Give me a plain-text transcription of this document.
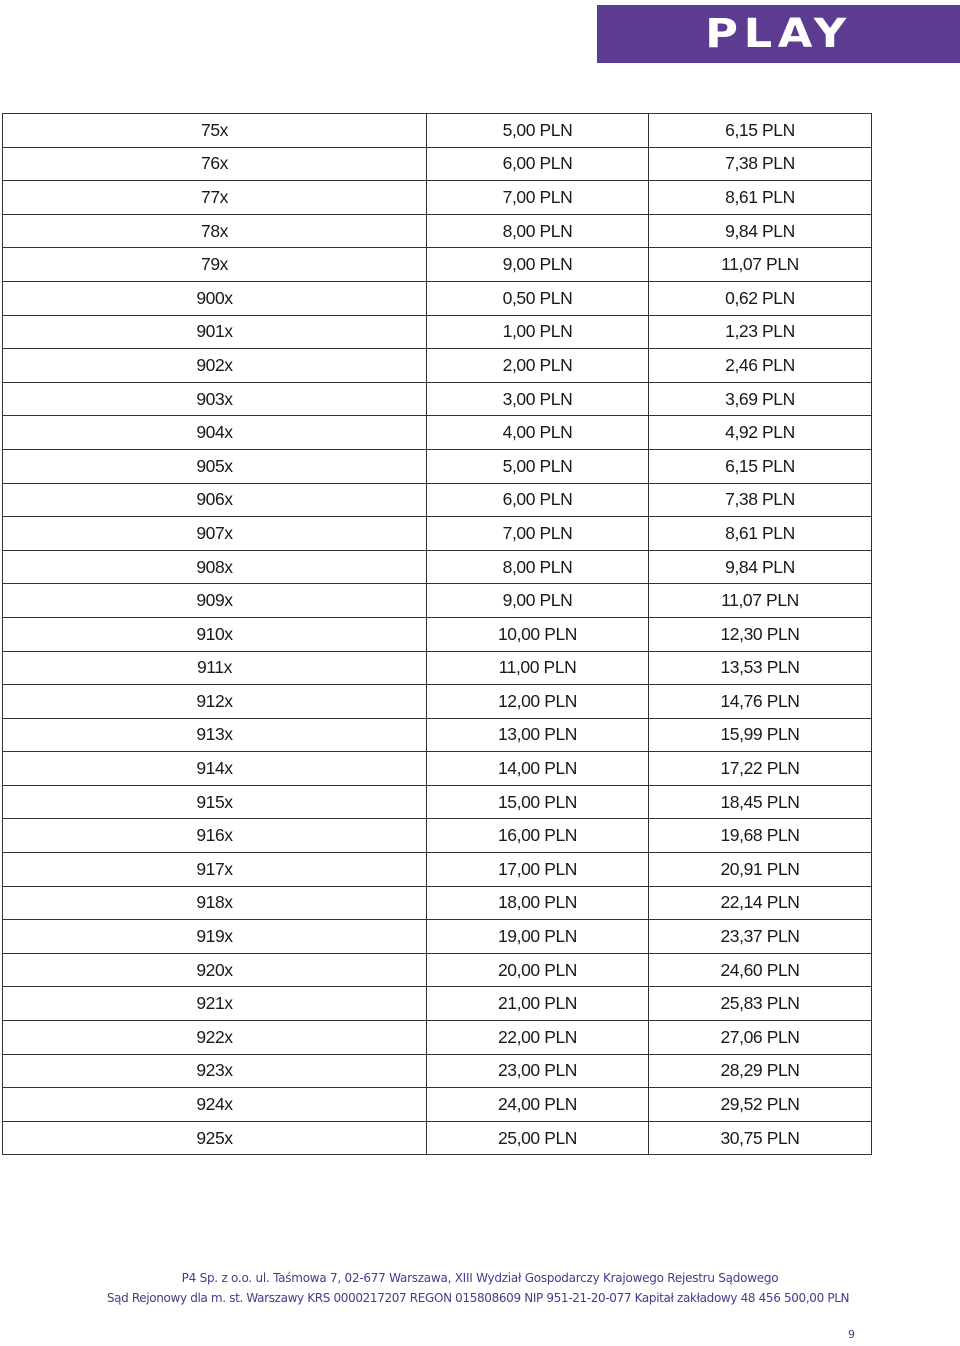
PLAY
75x	5,00 PLN	6,15 PLN
76x	6,00 PLN	7,38 PLN
77x	7,00 PLN	8,61 PLN
78x	8,00 PLN	9,84 PLN
79x	9,00 PLN	11,07 PLN
900x	0,50 PLN	0,62 PLN
901x	1,00 PLN	1,23 PLN
902x	2,00 PLN	2,46 PLN
903x	3,00 PLN	3,69 PLN
904x	4,00 PLN	4,92 PLN
905x	5,00 PLN	6,15 PLN
906x	6,00 PLN	7,38 PLN
907x	7,00 PLN	8,61 PLN
908x	8,00 PLN	9,84 PLN
909x	9,00 PLN	11,07 PLN
910x	10,00 PLN	12,30 PLN
911x	11,00 PLN	13,53 PLN
912x	12,00 PLN	14,76 PLN
913x	13,00 PLN	15,99 PLN
914x	14,00 PLN	17,22 PLN
915x	15,00 PLN	18,45 PLN
916x	16,00 PLN	19,68 PLN
917x	17,00 PLN	20,91 PLN
918x	18,00 PLN	22,14 PLN
919x	19,00 PLN	23,37 PLN
920x	20,00 PLN	24,60 PLN
921x	21,00 PLN	25,83 PLN
922x	22,00 PLN	27,06 PLN
923x	23,00 PLN	28,29 PLN
924x	24,00 PLN	29,52 PLN
925x	25,00 PLN	30,75 PLN
P4 Sp. z o.o. ul. Taśmowa 7, 02-677 Warszawa, XIII Wydział Gospodarczy Krajowego Rejestru Sądowego
Sąd Rejonowy dla m. st. Warszawy KRS 0000217207 REGON 015808609 NIP 951-21-20-077 Kapitał zakładowy 48 456 500,00 PLN
9
